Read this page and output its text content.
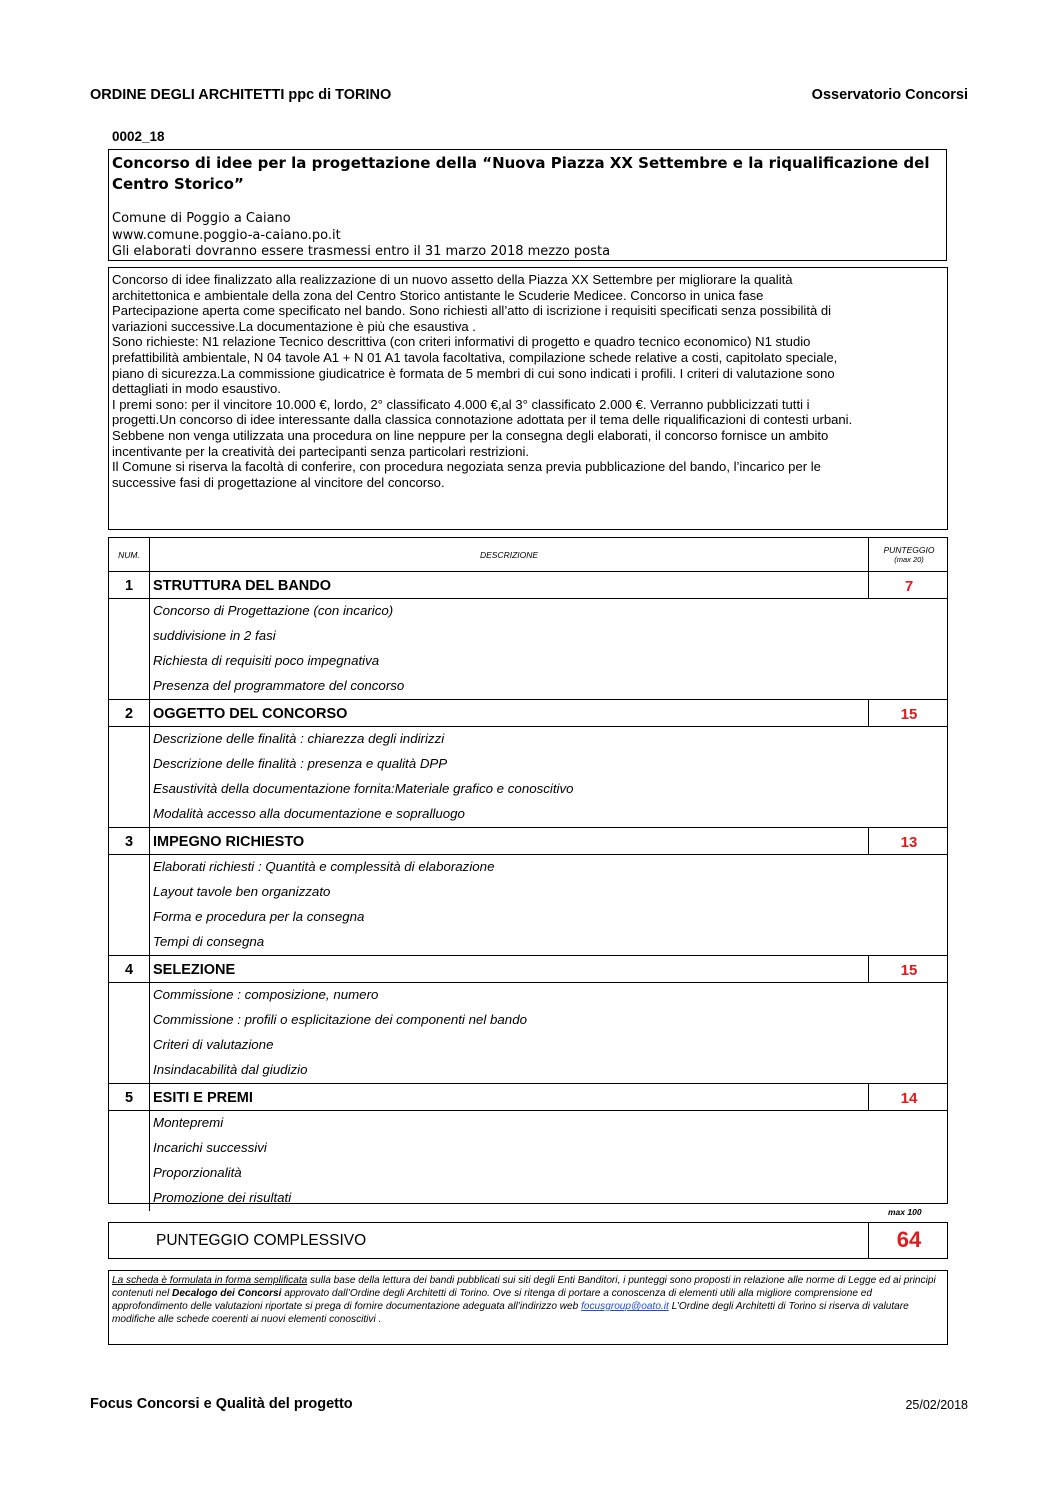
ORDINE DEGLI ARCHITETTI ppc di TORINO	Osservatorio Concorsi
0002_18
Concorso di idee per la progettazione della “Nuova Piazza XX Settembre e la riqualificazione del
Centro Storico”
Comune di Poggio a Caiano
www.comune.poggio-a-caiano.po.it
Gli elaborati dovranno essere trasmessi entro il 31 marzo 2018 mezzo posta

Concorso di idee finalizzato alla realizzazione di un nuovo assetto della Piazza XX Settembre per migliorare la qualità

architettonica e ambientale della zona del Centro Storico antistante le Scuderie Medicee. Concorso in unica fase

Partecipazione aperta come specificato nel bando. Sono richiesti all’atto di iscrizione i requisiti specificati senza possibilità di

variazioni successive.La documentazione è più che esaustiva .

Sono richieste: N1 relazione Tecnico descrittiva (con criteri informativi di progetto e quadro tecnico economico) N1 studio

prefattibilità ambientale, N 04 tavole A1 + N 01 A1 tavola facoltativa, compilazione schede relative a costi, capitolato speciale,

piano di sicurezza.La commissione giudicatrice è formata de 5 membri di cui sono indicati i profili. I criteri di valutazione sono

dettagliati in modo esaustivo.

I premi sono: per il vincitore 10.000 €, lordo, 2° classificato 4.000 €,al 3° classificato 2.000 €. Verranno pubblicizzati tutti i

progetti.Un concorso di idee interessante dalla classica connotazione adottata per il tema delle riqualificazioni di contesti urbani.

Sebbene non venga utilizzata una procedura on line neppure per la consegna degli elaborati, il concorso fornisce un ambito

incentivante per la creatività dei partecipanti senza particolari restrizioni.

Il Comune si riserva la facoltà di conferire, con procedura negoziata senza previa pubblicazione del bando, l’incarico per le

successive fasi di progettazione al vincitore del concorso.

NUM.	DESCRIZIONE	PUNTEGGIO
(max 20)
1	STRUTTURA DEL BANDO	7
Concorso di Progettazione (con incarico)
suddivisione in 2 fasi
Richiesta di requisiti poco impegnativa
Presenza del programmatore del concorso
2	OGGETTO DEL CONCORSO	15
Descrizione delle finalità : chiarezza degli indirizzi
Descrizione delle finalità : presenza e qualità DPP
Esaustività della documentazione fornita:Materiale grafico e conoscitivo
Modalità accesso alla documentazione e sopralluogo
3	IMPEGNO RICHIESTO	13
Elaborati richiesti : Quantità e complessità di elaborazione
Layout tavole ben organizzato
Forma e procedura per la consegna
Tempi di consegna
4	SELEZIONE	15
Commissione : composizione, numero
Commissione : profili o esplicitazione dei componenti nel bando
Criteri di valutazione
Insindacabilità dal giudizio
5	ESITI E PREMI	14
Montepremi
Incarichi successivi
Proporzionalità
Promozione dei risultati
max 100
PUNTEGGIO COMPLESSIVO	64
La scheda è formulata in forma semplificata sulla base della lettura dei bandi pubblicati sui siti degli Enti Banditori, i punteggi sono proposti in relazione alle norme di Legge ed ai principi contenuti nel Decalogo dei Concorsi approvato dall’Ordine degli Architetti di Torino. Ove si ritenga di portare a conoscenza di elementi utili alla migliore comprensione ed approfondimento delle valutazioni riportate si prega di fornire documentazione adeguata all’indirizzo web focusgroup@oato.it L’Ordine degli Architetti di Torino si riserva di valutare modifiche alle schede coerenti ai nuovi elementi conoscitivi .
Focus Concorsi e Qualità del progetto	25/02/2018
